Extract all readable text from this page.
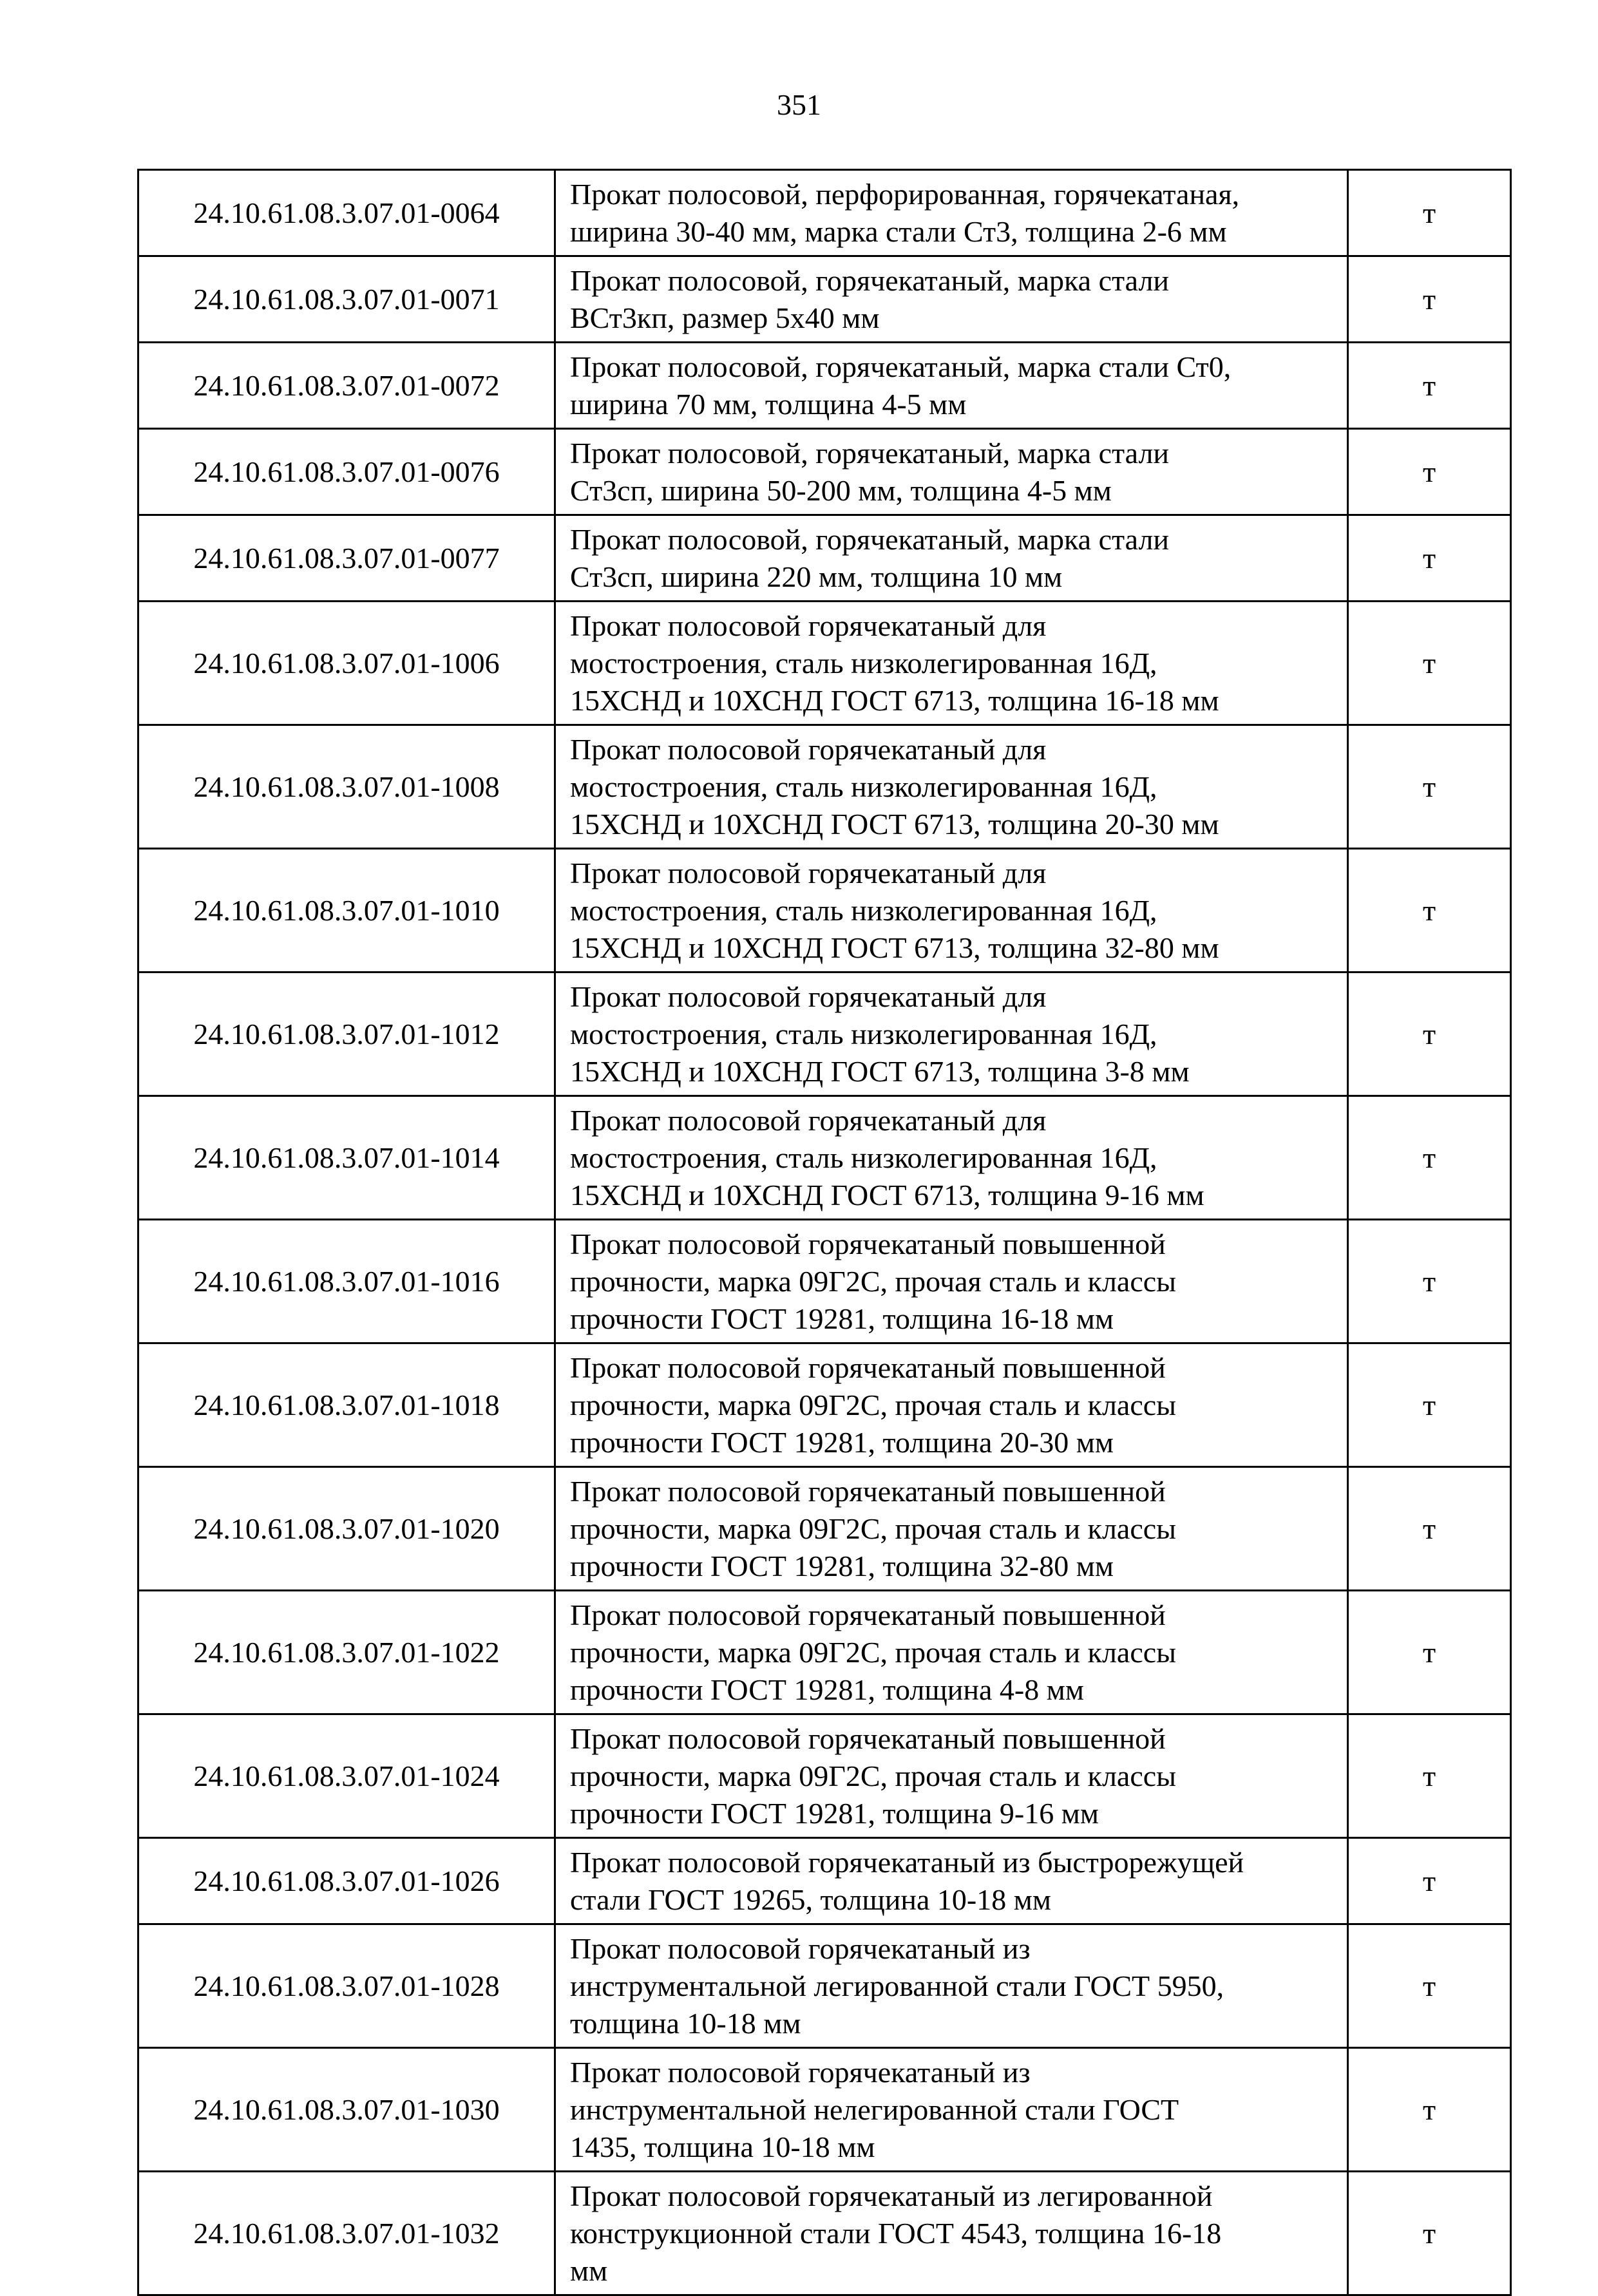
351
24.10.61.08.3.07.01-0064	Прокат полосовой, перфорированная, горячекатаная,
ширина 30-40 мм, марка стали Ст3, толщина 2-6 мм	т
24.10.61.08.3.07.01-0071	Прокат полосовой, горячекатаный, марка стали
ВСт3кп, размер 5х40 мм	т
24.10.61.08.3.07.01-0072	Прокат полосовой, горячекатаный, марка стали Ст0,
ширина 70 мм, толщина 4-5 мм	т
24.10.61.08.3.07.01-0076	Прокат полосовой, горячекатаный, марка стали
Ст3сп, ширина 50-200 мм, толщина 4-5 мм	т
24.10.61.08.3.07.01-0077	Прокат полосовой, горячекатаный, марка стали
Ст3сп, ширина 220 мм, толщина 10 мм	т
24.10.61.08.3.07.01-1006	Прокат полосовой горячекатаный для
мостостроения, сталь низколегированная 16Д,
15ХСНД и 10ХСНД ГОСТ 6713, толщина 16-18 мм	т
24.10.61.08.3.07.01-1008	Прокат полосовой горячекатаный для
мостостроения, сталь низколегированная 16Д,
15ХСНД и 10ХСНД ГОСТ 6713, толщина 20-30 мм	т
24.10.61.08.3.07.01-1010	Прокат полосовой горячекатаный для
мостостроения, сталь низколегированная 16Д,
15ХСНД и 10ХСНД ГОСТ 6713, толщина 32-80 мм	т
24.10.61.08.3.07.01-1012	Прокат полосовой горячекатаный для
мостостроения, сталь низколегированная 16Д,
15ХСНД и 10ХСНД ГОСТ 6713, толщина 3-8 мм	т
24.10.61.08.3.07.01-1014	Прокат полосовой горячекатаный для
мостостроения, сталь низколегированная 16Д,
15ХСНД и 10ХСНД ГОСТ 6713, толщина 9-16 мм	т
24.10.61.08.3.07.01-1016	Прокат полосовой горячекатаный повышенной
прочности, марка 09Г2С, прочая сталь и классы
прочности ГОСТ 19281, толщина 16-18 мм	т
24.10.61.08.3.07.01-1018	Прокат полосовой горячекатаный повышенной
прочности, марка 09Г2С, прочая сталь и классы
прочности ГОСТ 19281, толщина 20-30 мм	т
24.10.61.08.3.07.01-1020	Прокат полосовой горячекатаный повышенной
прочности, марка 09Г2С, прочая сталь и классы
прочности ГОСТ 19281, толщина 32-80 мм	т
24.10.61.08.3.07.01-1022	Прокат полосовой горячекатаный повышенной
прочности, марка 09Г2С, прочая сталь и классы
прочности ГОСТ 19281, толщина 4-8 мм	т
24.10.61.08.3.07.01-1024	Прокат полосовой горячекатаный повышенной
прочности, марка 09Г2С, прочая сталь и классы
прочности ГОСТ 19281, толщина 9-16 мм	т
24.10.61.08.3.07.01-1026	Прокат полосовой горячекатаный из быстрорежущей
стали ГОСТ 19265, толщина 10-18 мм	т
24.10.61.08.3.07.01-1028	Прокат полосовой горячекатаный из
инструментальной легированной стали ГОСТ 5950,
толщина 10-18 мм	т
24.10.61.08.3.07.01-1030	Прокат полосовой горячекатаный из
инструментальной нелегированной стали ГОСТ
1435, толщина 10-18 мм	т
24.10.61.08.3.07.01-1032	Прокат полосовой горячекатаный из легированной
конструкционной стали ГОСТ 4543, толщина 16-18
мм	т
